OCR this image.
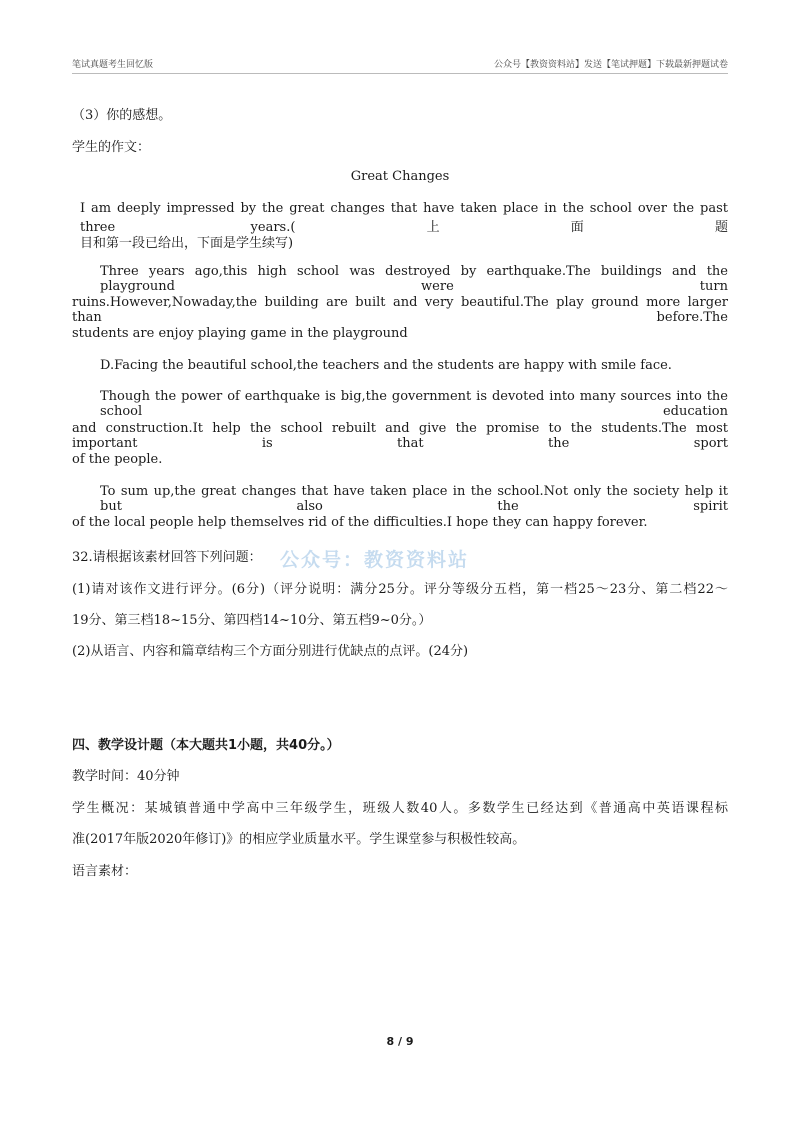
笔试真题考生回忆版	公众号【教资资料站】发送【笔试押题】下载最新押题试卷
（3）你的感想。
学生的作文：
Great Changes
I am deeply impressed by the great changes that have taken place in the school over the past three years.(上面题
目和第一段已给出，下面是学生续写)
Three years ago,this high school was destroyed by earthquake.The buildings and the playground were turn
ruins.However,Nowaday,the building are built and very beautiful.The play ground more larger than before.The
students are enjoy playing game in the playground
D.Facing the beautiful school,the teachers and the students are happy with smile face.
Though the power of earthquake is big,the government is devoted into many sources into the school education
and construction.It help the school rebuilt and give the promise to the students.The most important is that the sport
of the people.
To sum up,the great changes that have taken place in the school.Not only the society help it but also the spirit
of the local people help themselves rid of the difficulties.I hope they can happy forever.
32.请根据该素材回答下列问题：
(1)请对该作文进行评分。(6分)（评分说明：满分25分。评分等级分五档，第一档25～23分、第二档22～
19分、第三档18~15分、第四档14~10分、第五档9~0分。）
(2)从语言、内容和篇章结构三个方面分别进行优缺点的点评。(24分)
四、教学设计题（本大题共1小题，共40分。）
教学时间：40分钟
学生概况：某城镇普通中学高中三年级学生，班级人数40人。多数学生已经达到《普通高中英语课程标
准(2017年版2020年修订)》的相应学业质量水平。学生课堂参与积极性较高。
语言素材：
公众号：教资资料站
8 / 9
